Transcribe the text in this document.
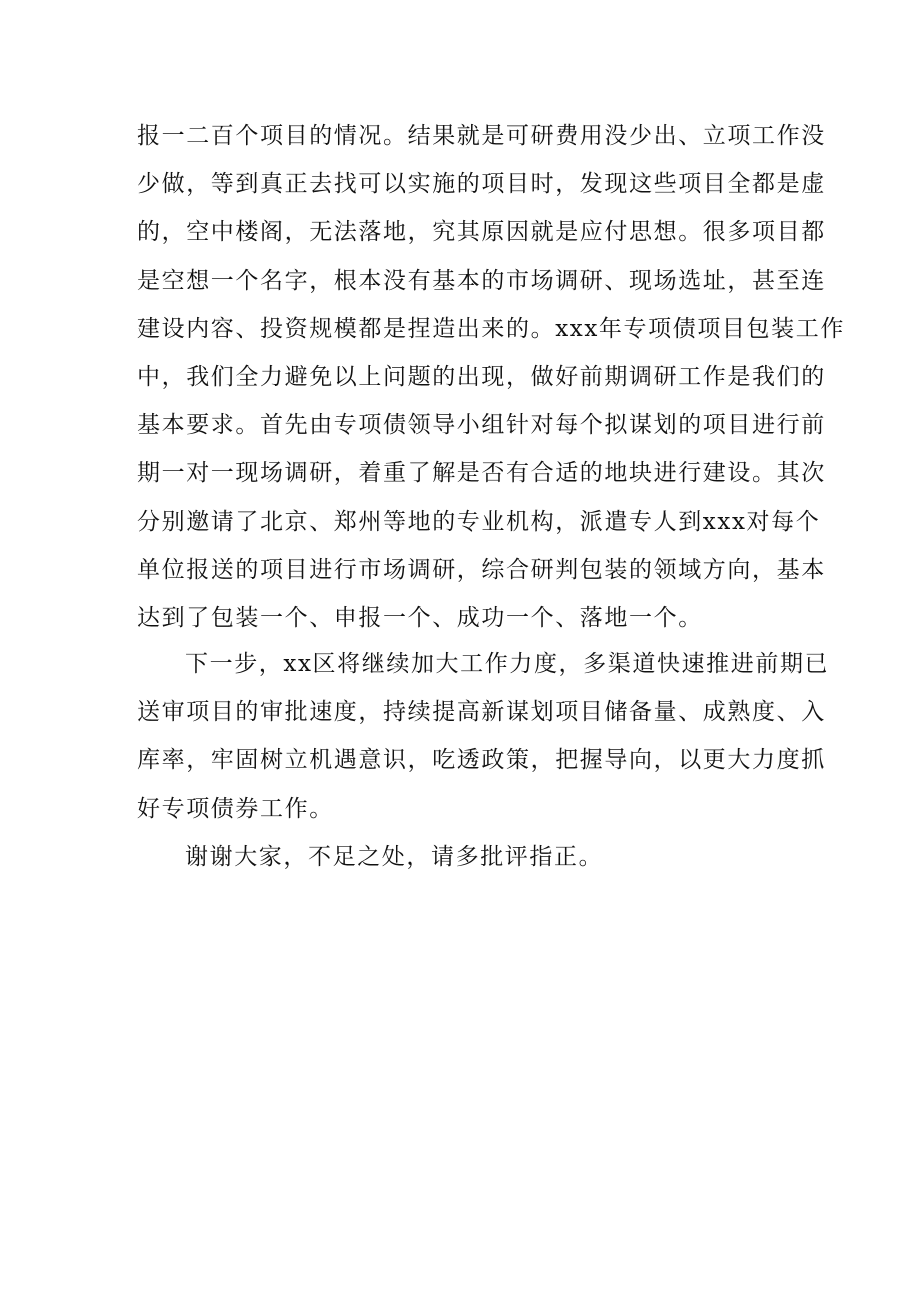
报一二百个项目的情况。结果就是可研费用没少出、立项工作没
少做，等到真正去找可以实施的项目时，发现这些项目全都是虚
的，空中楼阁，无法落地，究其原因就是应付思想。很多项目都
是空想一个名字，根本没有基本的市场调研、现场选址，甚至连
建设内容、投资规模都是捏造出来的。xxx年专项债项目包装工作
中，我们全力避免以上问题的出现，做好前期调研工作是我们的
基本要求。首先由专项债领导小组针对每个拟谋划的项目进行前
期一对一现场调研，着重了解是否有合适的地块进行建设。其次
分别邀请了北京、郑州等地的专业机构，派遣专人到xxx对每个
单位报送的项目进行市场调研，综合研判包装的领域方向，基本
达到了包装一个、申报一个、成功一个、落地一个。
下一步，xx区将继续加大工作力度，多渠道快速推进前期已
送审项目的审批速度，持续提高新谋划项目储备量、成熟度、入
库率，牢固树立机遇意识，吃透政策，把握导向，以更大力度抓
好专项债券工作。
谢谢大家，不足之处，请多批评指正。
